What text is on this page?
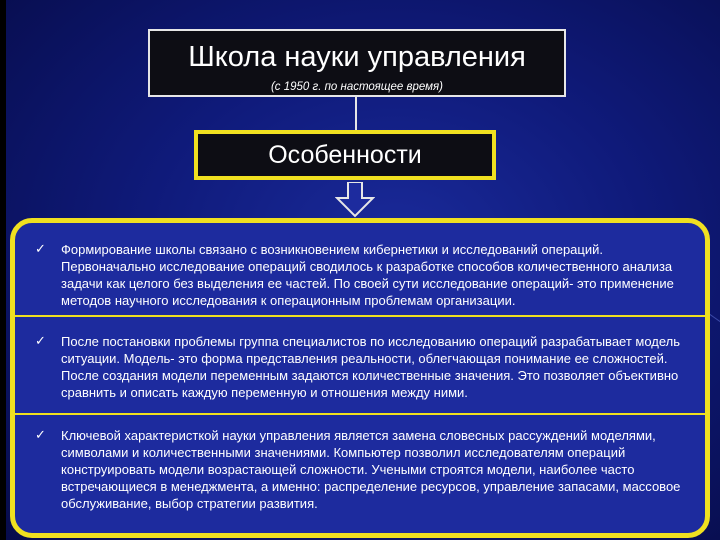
Школа науки управления
(с 1950 г. по настоящее время)
Особенности
✓ Формирование школы связано с возникновением кибернетики и исследований операций. Первоначально исследование операций сводилось к разработке способов количественного анализа задачи как целого без выделения ее частей. По своей сути исследование операций- это применение методов научного исследования к операционным проблемам организации.
✓ После постановки проблемы группа специалистов по исследованию операций разрабатывает модель ситуации. Модель- это форма представления реальности, облегчающая понимание ее сложностей. После создания модели переменным задаются количественные значения. Это позволяет объективно сравнить и описать каждую переменную и отношения между ними.
✓ Ключевой характеристкой науки управления является замена словесных рассуждений моделями, символами и количественными значениями. Компьютер позволил исследователям операций конструировать модели возрастающей сложности. Учеными строятся модели, наиболее часто встречающиеся в менеджмента, а именно: распределение ресурсов, управление запасами, массовое обслуживание, выбор стратегии развития.
